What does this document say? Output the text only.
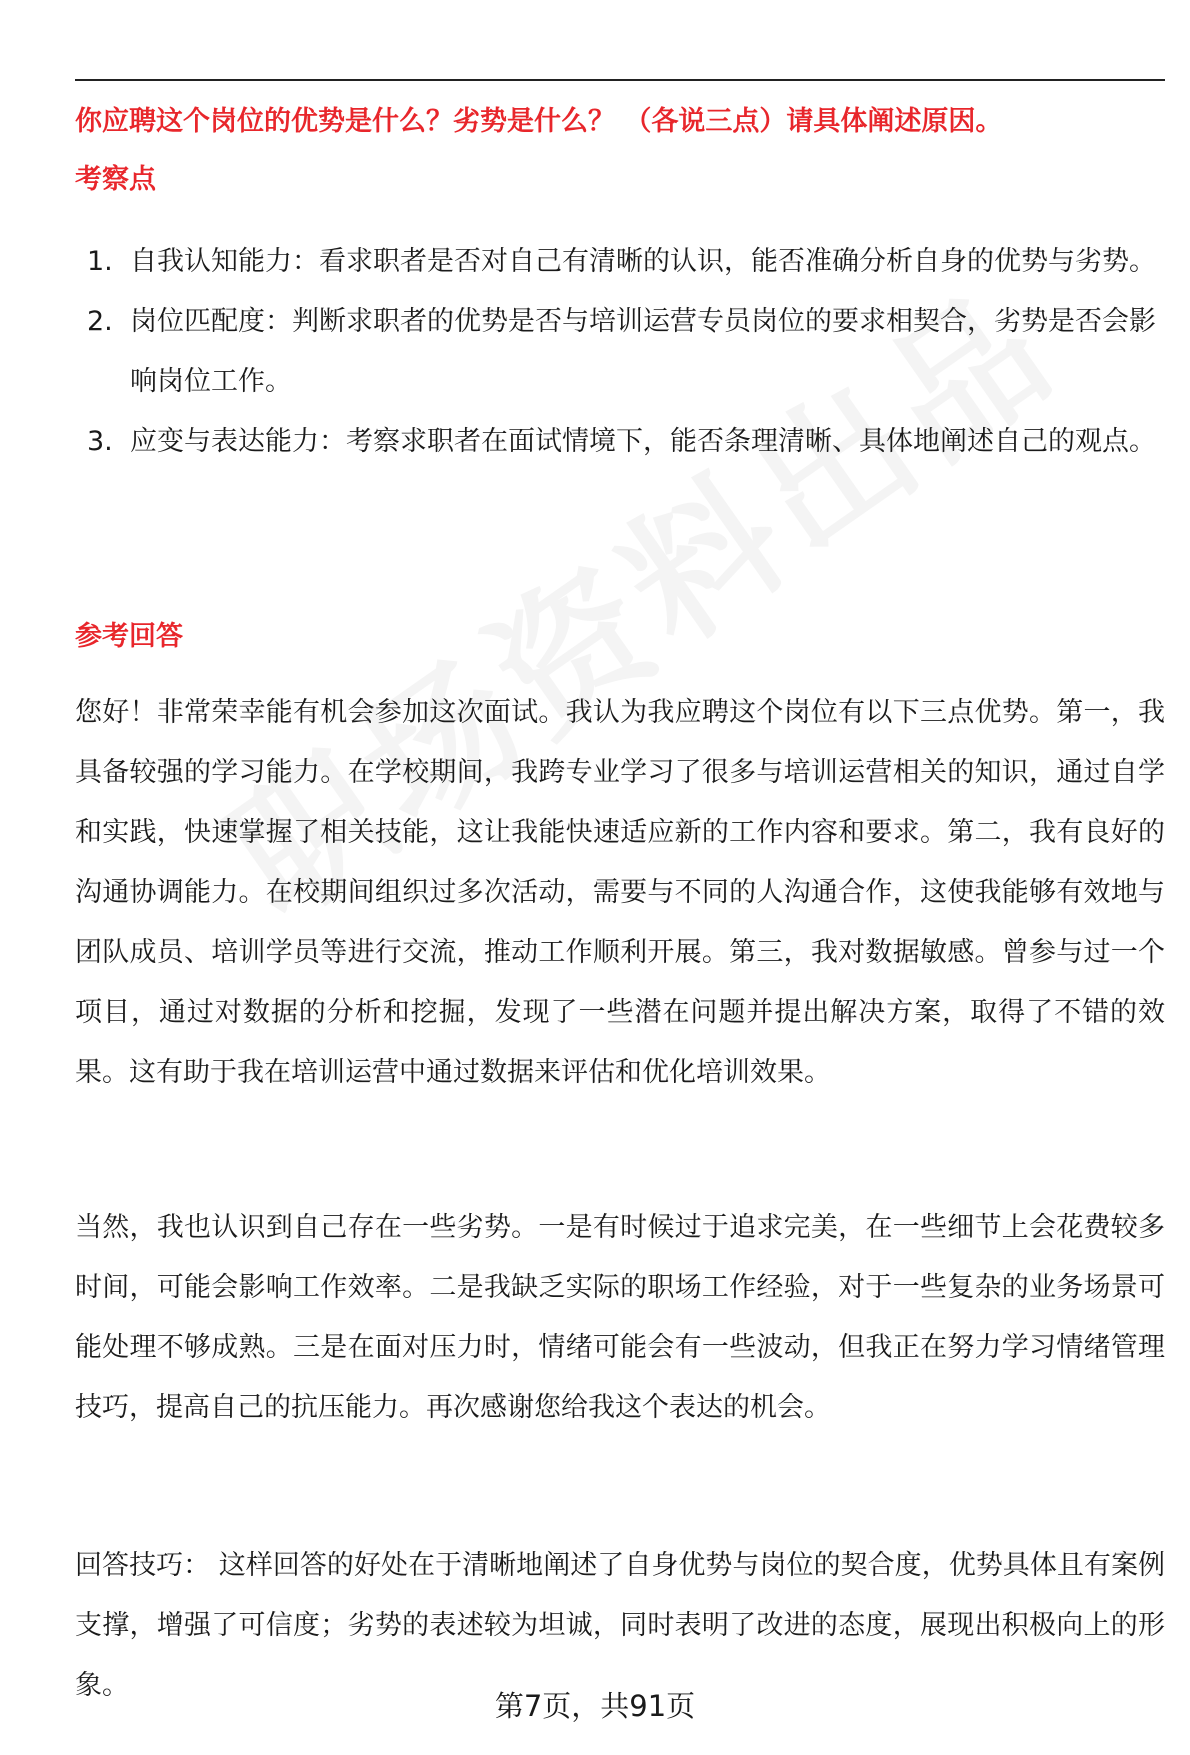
你应聘这个岗位的优势是什么？劣势是什么？ （各说三点）请具体阐述原因。
考察点
1. 自我认知能力：看求职者是否对自己有清晰的认识，能否准确分析自身的优势与劣势。
2. 岗位匹配度：判断求职者的优势是否与培训运营专员岗位的要求相契合，劣势是否会影响岗位工作。
3. 应变与表达能力：考察求职者在面试情境下，能否条理清晰、具体地阐述自己的观点。
参考回答

您好！非常荣幸能有机会参加这次面试。我认为我应聘这个岗位有以下三点优势。第一，我具备较强的学习能力。在学校期间，我跨专业学习了很多与培训运营相关的知识，通过自学和实践，快速掌握了相关技能，这让我能快速适应新的工作内容和要求。第二，我有良好的沟通协调能力。在校期间组织过多次活动，需要与不同的人沟通合作，这使我能够有效地与团队成员、培训学员等进行交流，推动工作顺利开展。第三，我对数据敏感。曾参与过一个项目，通过对数据的分析和挖掘，发现了一些潜在问题并提出解决方案，取得了不错的效果。这有助于我在培训运营中通过数据来评估和优化培训效果。

当然，我也认识到自己存在一些劣势。一是有时候过于追求完美，在一些细节上会花费较多时间，可能会影响工作效率。二是我缺乏实际的职场工作经验，对于一些复杂的业务场景可能处理不够成熟。三是在面对压力时，情绪可能会有一些波动，但我正在努力学习情绪管理技巧，提高自己的抗压能力。再次感谢您给我这个表达的机会。

回答技巧： 这样回答的好处在于清晰地阐述了自身优势与岗位的契合度，优势具体且有案例支撑，增强了可信度；劣势的表述较为坦诚，同时表明了改进的态度，展现出积极向上的形象。

第7页，共91页
